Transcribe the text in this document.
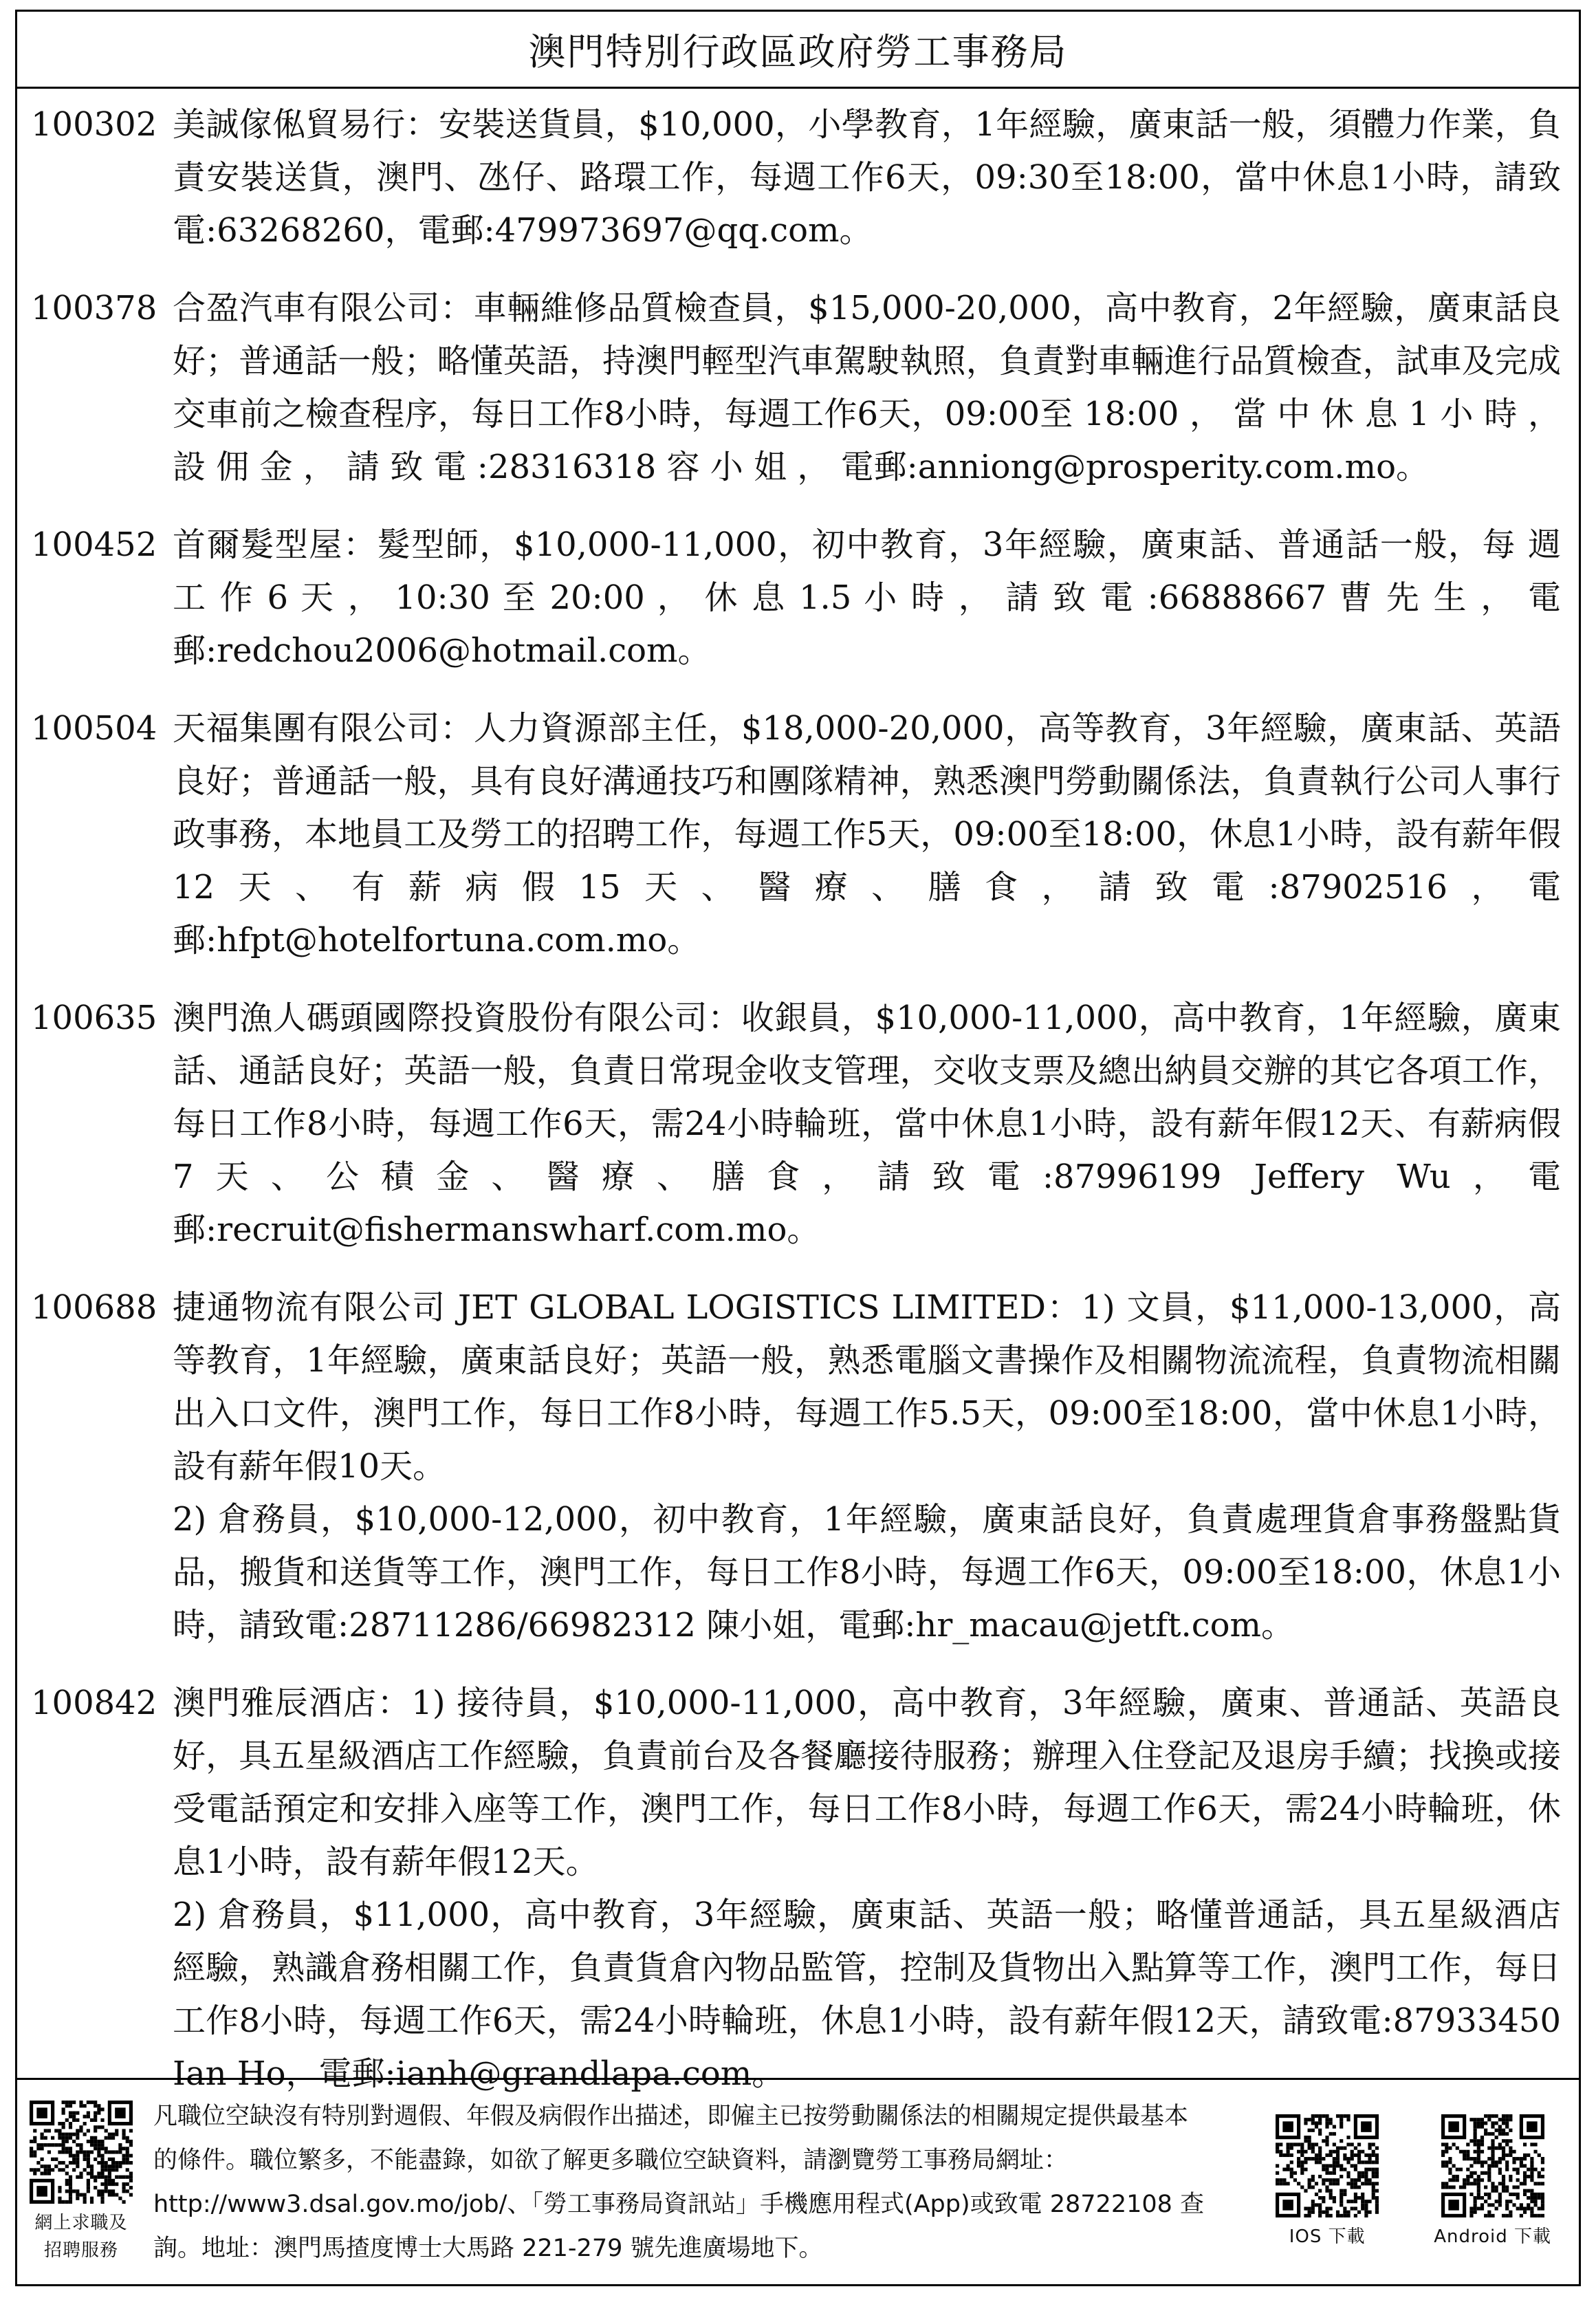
澳門特別行政區政府勞工事務局
100302 美誠傢俬貿易行：安裝送貨員，$10,000，小學教育，1年經驗，廣東話一般，須體力作業，負責安裝送貨，澳門、氹仔、路環工作，每週工作6天，09:30至18:00，當中休息1小時，請致電:63268260，電郵:479973697@qq.com。

100378 合盈汽車有限公司：車輛維修品質檢查員，$15,000-20,000，高中教育，2年經驗，廣東話良好；普通話一般；略懂英語，持澳門輕型汽車駕駛執照，負責對車輛進行品質檢查，試車及完成交車前之檢查程序，每日工作8小時，每週工作6天，09:00至 18:00 ， 當 中 休 息 1 小 時 ， 設 佣 金 ， 請 致 電 :28316318 容 小 姐 ， 電郵:anniong@prosperity.com.mo。

100452 首爾髮型屋：髮型師，$10,000-11,000，初中教育，3年經驗，廣東話、普通話一般，每 週 工 作 6 天 ， 10:30 至 20:00 ， 休 息 1.5 小 時 ， 請 致 電 :66888667 曹 先 生 ， 電郵:redchou2006@hotmail.com。

100504 天福集團有限公司：人力資源部主任，$18,000-20,000，高等教育，3年經驗，廣東話、英語良好；普通話一般，具有良好溝通技巧和團隊精神，熟悉澳門勞動關係法，負責執行公司人事行政事務，本地員工及勞工的招聘工作，每週工作5天，09:00至18:00，休息1小時，設有薪年假12天、有薪病假15天、醫療、膳食，請致電:87902516，電郵:hfpt@hotelfortuna.com.mo。

100635 澳門漁人碼頭國際投資股份有限公司：收銀員，$10,000-11,000，高中教育，1年經驗，廣東話、通話良好；英語一般，負責日常現金收支管理，交收支票及總出納員交辦的其它各項工作，每日工作8小時，每週工作6天，需24小時輪班，當中休息1小時，設有薪年假12天、有薪病假7天、公積金、醫療、膳食，請致電:87996199 Jeffery Wu，電郵:recruit@fishermanswharf.com.mo。

100688 捷通物流有限公司 JET GLOBAL LOGISTICS LIMITED：1) 文員，$11,000-13,000，高等教育，1年經驗，廣東話良好；英語一般，熟悉電腦文書操作及相關物流流程，負責物流相關出入口文件，澳門工作，每日工作8小時，每週工作5.5天，09:00至18:00，當中休息1小時，設有薪年假10天。

2) 倉務員，$10,000-12,000，初中教育，1年經驗，廣東話良好，負責處理貨倉事務盤點貨品，搬貨和送貨等工作，澳門工作，每日工作8小時，每週工作6天，09:00至18:00，休息1小時，請致電:28711286/66982312 陳小姐，電郵:hr_macau@jetft.com。

100842 澳門雅辰酒店：1) 接待員，$10,000-11,000，高中教育，3年經驗，廣東、普通話、英語良好，具五星級酒店工作經驗，負責前台及各餐廳接待服務；辦理入住登記及退房手續；找換或接受電話預定和安排入座等工作，澳門工作，每日工作8小時，每週工作6天，需24小時輪班，休息1小時，設有薪年假12天。

2) 倉務員，$11,000，高中教育，3年經驗，廣東話、英語一般；略懂普通話，具五星級酒店經驗，熟識倉務相關工作，負責貨倉內物品監管，控制及貨物出入點算等工作，澳門工作，每日工作8小時，每週工作6天，需24小時輪班，休息1小時，設有薪年假12天，請致電:87933450 Ian Ho，電郵:ianh@grandlapa.com。

網上求職及
招聘服務
凡職位空缺沒有特別對週假、年假及病假作出描述，即僱主已按勞動關係法的相關規定提供最基本的條件。職位繁多，不能盡錄，如欲了解更多職位空缺資料，請瀏覽勞工事務局網址：http://www3.dsal.gov.mo/job/、「勞工事務局資訊站」手機應用程式(App)或致電 28722108 查詢。地址：澳門馬揸度博士大馬路 221-279 號先進廣場地下。	IOS 下載	Android 下載
